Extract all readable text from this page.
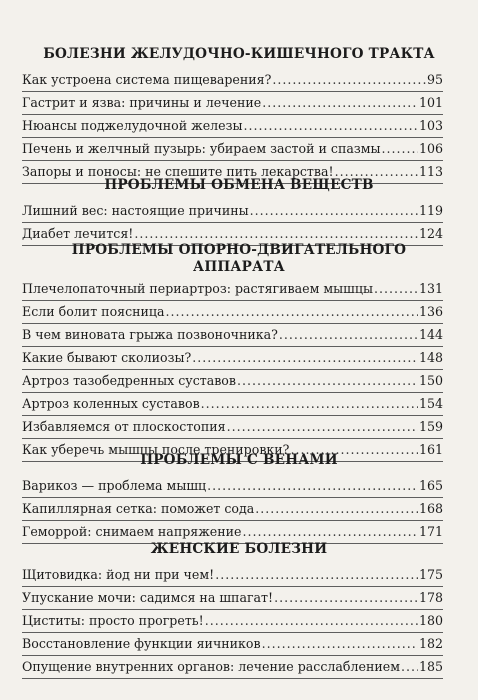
БОЛЕЗНИ ЖЕЛУДОЧНО-КИШЕЧНОГО ТРАКТА
Как устроена система пищеварения? .....	95
Гастрит и язва: причины и лечение .....	101
Нюансы поджелудочной железы .....	103
Печень и желчный пузырь: убираем застой и спазмы .....	106
Запоры и поносы: не спешите пить лекарства! .....	113
ПРОБЛЕМЫ ОБМЕНА ВЕЩЕСТВ
Лишний вес: настоящие причины .....	119
Диабет лечится! .....	124
ПРОБЛЕМЫ ОПОРНО-ДВИГАТЕЛЬНОГО
АППАРАТА
Плечелопаточный периартроз: растягиваем мышцы .....	131
Если болит поясница .....	136
В чем виновата грыжа позвоночника? .....	144
Какие бывают сколиозы? .....	148
Артроз тазобедренных суставов .....	150
Артроз коленных суставов .....	154
Избавляемся от плоскостопия .....	159
Как уберечь мышцы после тренировки? .....	161
ПРОБЛЕМЫ С ВЕНАМИ
Варикоз — проблема мышц .....	165
Капиллярная сетка: поможет сода .....	168
Геморрой: снимаем напряжение .....	171
ЖЕНСКИЕ БОЛЕЗНИ
Щитовидка: йод ни при чем! .....	175
Упускание мочи: садимся на шпагат! .....	178
Циститы: просто прогреть! .....	180
Восстановление функции яичников .....	182
Опущение внутренних органов: лечение расслаблением ..... 185
